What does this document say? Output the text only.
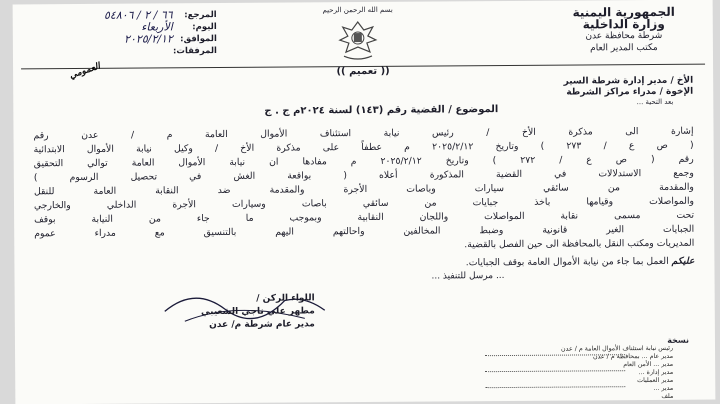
الجمهورية اليمنية
وزارة الداخلية
شرطة محافظة عدن
مكتب المدير العام
بسم الله الرحمن الرحيم
المرجع:
٦٦ / ٢ / ٥٤٨٠٦
اليوم:
الأربعاء
الموافق:
٢٠٢٥/٢/١٢
المرفقات:
(( تعميم ))
العمومي
الأخ / مدير إدارة شرطة السير
الإخوة / مدراء مراكز الشرطة
بعد التحية ...
الموضوع / القضية رقم (١٤٣) لسنة ٢٠٢٤م ج . ج
إشارة الى مذكرة الأخ / رئيس نيابة استئناف الأموال العامة م / عدن رقم
( ص ع / ٢٧٣ ) وتاريخ ٢٠٢٥/٢/١٢ م عطفاً على مذكرة الأخ / وكيل نيابة الأموال الابتدائية
رقم ( ص ع / ٢٧٢ ) وتاريخ ٢٠٢٥/٢/١٢ م مفادها ان نيابة الأموال العامة توالي التحقيق
وجمع الاستدلالات في القضية المذكورة أعلاه ( بواقعة الغش في تحصيل الرسوم )
والمقدمة من سائقي سيارات وباصات الأجرة والمقدمة ضد النقابة العامة للنقل
والمواصلات وقيامها باخذ جبايات من سائقي باصات وسيارات الأجرة الداخلي والخارجي
تحت مسمى نقابة المواصلات واللجان النقابية وبموجب ما جاء من النيابة بوقف
الجبايات الغير قانونية وضبط المخالفين واحالتهم اليهم بالتنسيق مع مدراء عموم
المديريات ومكتب النقل بالمحافظة الى حين الفصل بالقضية.
عليكم العمل بما جاء من نيابة الأموال العامة بوقف الجبايات.
... مرسل للتنفيذ ...
اللواء الركن /
مطهر علي ناجي الشعيبي
مدير عام شرطة م/ عدن
نسخة
رئيس نيابة استئناف الأموال العامة م / عدن
مدير عام ... بمحافظة م / عدن
مدير ... الأمن العام
مدير إدارة ...
مدير العمليات
مدير ...
ملف
